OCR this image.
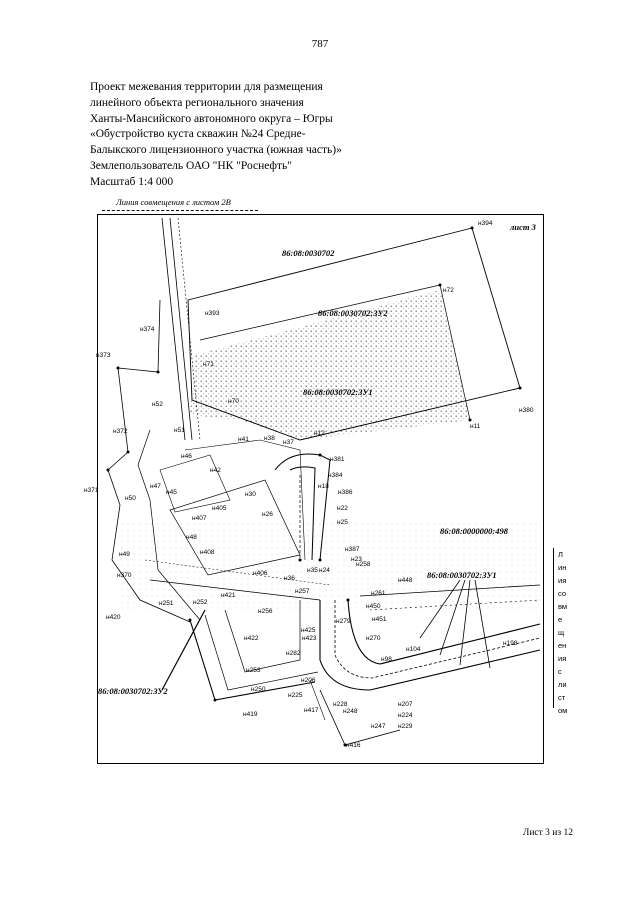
787
Проект межевания территории для размещения
линейного объекта регионального значения
Ханты-Мансийского автономного округа – Югры
«Обустройство куста скважин №24 Средне-
Балыкского лицензионного участка (южная часть)»
Землепользователь ОАО "НК "Роснефть"
Масштаб 1:4 000
Линия совмещения с листом 2В
86:08:0030702
86:08:0030702:ЗУ2
86:08:0030702:ЗУ1
86:08:0000000:498
86:08:0030702:ЗУ1
86:08:0030702:ЗУ2
лист 3
н394
н72
н393
н374
н373
н71
н70
н380
н11
н52
н372	н51
н46
н41 н38
н37
н12
н381
н42
н384
н47
н371
н50
н45	н30
н405
н407
н18
н386
н26
н25
н48
н408	н387
н22
н258
н49
н406
н36
н35 н24
н23
н448
н370
н421
н257	н261
н251	н252
н256
н450
н420
н279	н451
н422
н425
н423	н270
н104
н282
н98
н198
н253
н206
н250
н225
н228
н248
н207
н224
н419
н417
н247 н229
н416
Л
ин
ия
со
вм
е
щ
ен
ия
с
ли
ст
ом
Лист 3 из 12
